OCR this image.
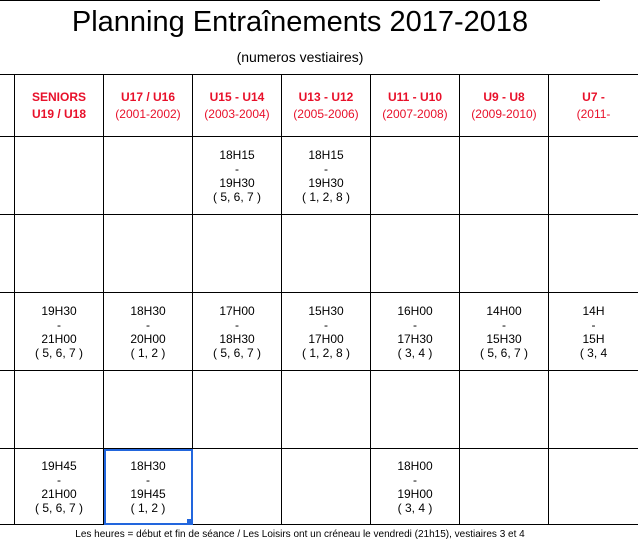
Planning Entraînements 2017-2018
(numeros vestiaires)
SENIORS
U19 / U18
U17 / U16
(2001-2002)
U15 - U14
(2003-2004)
U13 - U12
(2005-2006)
U11 - U10
(2007-2008)
U9 - U8
(2009-2010)
U7 -
(2011-
18H15
-
19H30
( 5, 6, 7 )
18H15
-
19H30
( 1, 2, 8 )
19H30
-
21H00
( 5, 6, 7 )
18H30
-
20H00
( 1, 2 )
17H00
-
18H30
( 5, 6, 7 )
15H30
-
17H00
( 1, 2, 8 )
16H00
-
17H30
( 3, 4 )
14H00
-
15H30
( 5, 6, 7 )
14H
-
15H
( 3, 4
19H45
-
21H00
( 5, 6, 7 )
18H30
-
19H45
( 1, 2 )
18H00
-
19H00
( 3, 4 )
Les heures = début et fin de séance / Les Loisirs ont un créneau le vendredi (21h15), vestiaires 3 et 4
